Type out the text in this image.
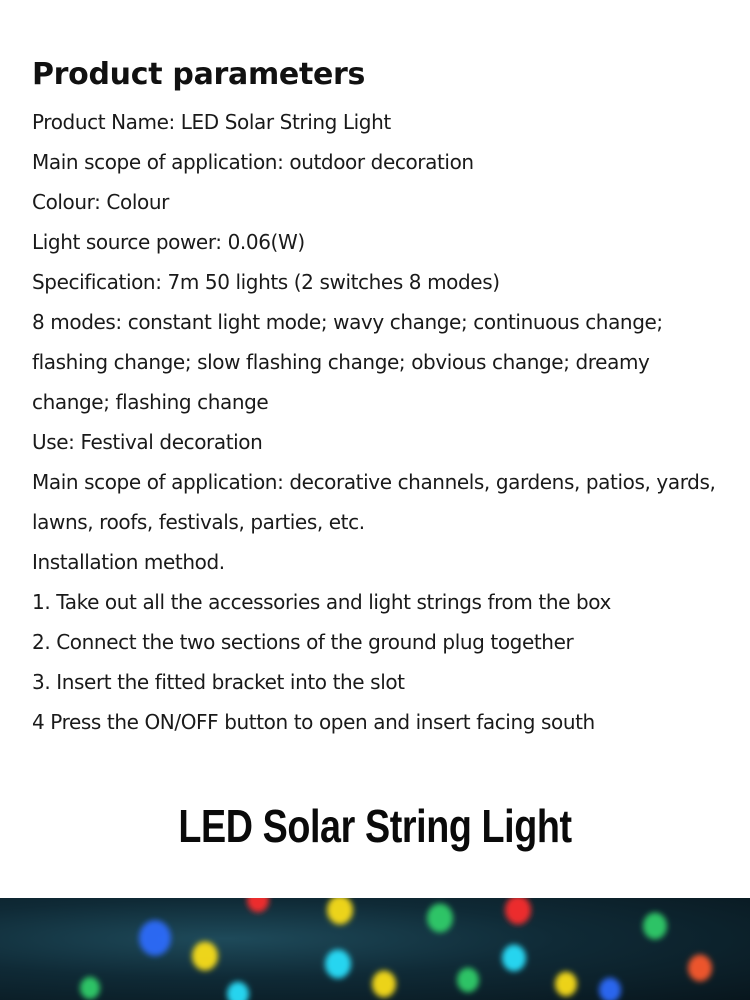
Product parameters

Product Name: LED Solar String Light

Main scope of application: outdoor decoration

Colour: Colour

Light source power: 0.06(W)

Specification: 7m 50 lights (2 switches 8 modes)

8 modes: constant light mode; wavy change; continuous change; flashing change; slow flashing change; obvious change; dreamy change; flashing change

Use: Festival decoration

Main scope of application: decorative channels, gardens, patios, yards, lawns, roofs, festivals, parties, etc.

Installation method.

1. Take out all the accessories and light strings from the box

2. Connect the two sections of the ground plug together

3. Insert the fitted bracket into the slot

4 Press the ON/OFF button to open and insert facing south

LED Solar String Light
